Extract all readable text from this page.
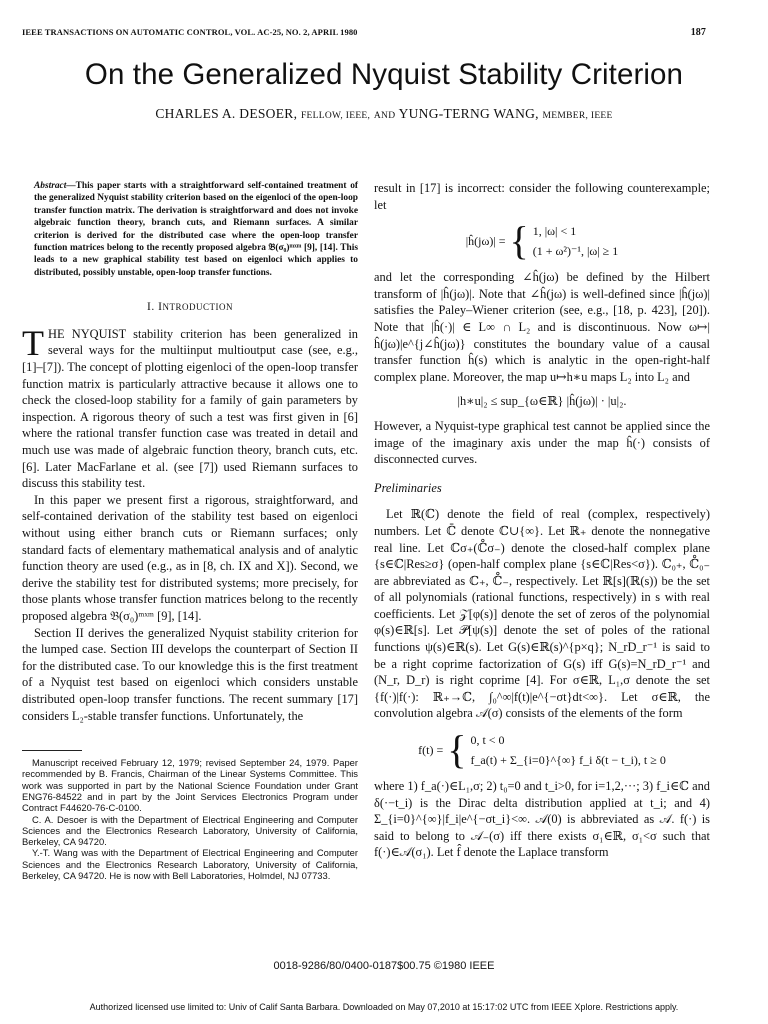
IEEE TRANSACTIONS ON AUTOMATIC CONTROL, VOL. AC-25, NO. 2, APRIL 1980	187
On the Generalized Nyquist Stability Criterion
CHARLES A. DESOER, FELLOW, IEEE, AND YUNG-TERNG WANG, MEMBER, IEEE
Abstract—This paper starts with a straightforward self-contained treatment of the generalized Nyquist stability criterion based on the eigenloci of the open-loop transfer function matrix. The derivation is straightforward and does not invoke algebraic function theory, branch cuts, and Riemann surfaces. A similar criterion is derived for the distributed case where the open-loop transfer function matrices belong to the recently proposed algebra 𝔅(σ₀)ᵐˣᵐ [9], [14]. This leads to a new graphical stability test based on eigenloci which applies to distributed, possibly unstable, open-loop transfer functions.
I. INTRODUCTION

THE NYQUIST stability criterion has been generalized in several ways for the multiinput multioutput case (see, e.g., [1]–[7]). The concept of plotting eigenloci of the open-loop transfer function matrix is particularly attractive because it allows one to check the closed-loop stability for a family of gain parameters by inspection. A rigorous theory of such a test was first given in [6] where the rational transfer function case was treated in detail and much use was made of algebraic function theory, branch cuts, etc. [6]. Later MacFarlane et al. (see [7]) used Riemann surfaces to discuss this stability test.

In this paper we present first a rigorous, straightforward, and self-contained derivation of the stability test based on eigenloci without using either branch cuts or Riemann surfaces; only standard facts of elementary mathematical analysis and of analytic function theory are used (e.g., as in [8, ch. IX and X]). Second, we derive the stability test for distributed systems; more precisely, for those plants whose transfer function matrices belong to the recently proposed algebra 𝔅(σ₀)ᵐˣᵐ [9], [14].

Section II derives the generalized Nyquist stability criterion for the lumped case. Section III develops the counterpart of Section II for the distributed case. To our knowledge this is the first treatment of a Nyquist test based on eigenloci which considers unstable distributed open-loop transfer functions. The recent summary [17] considers L₂-stable transfer functions. Unfortunately, the

Manuscript received February 12, 1979; revised September 24, 1979. Paper recommended by B. Francis, Chairman of the Linear Systems Committee. This work was supported in part by the National Science Foundation under Grant ENG76-84522 and in part by the Joint Services Electronics Program under Contract F44620-76-C-0100.

C. A. Desoer is with the Department of Electrical Engineering and Computer Sciences and the Electronics Research Laboratory, University of California, Berkeley, CA 94720.

Y.-T. Wang was with the Department of Electrical Engineering and Computer Sciences and the Electronics Research Laboratory, University of California, Berkeley, CA 94720. He is now with Bell Laboratories, Holmdel, NJ 07733.

result in [17] is incorrect: consider the following counterexample; let

|ĥ(jω)| = { 1, |ω| < 1
(1 + ω²)⁻¹, |ω| ≥ 1

and let the corresponding ∠ĥ(jω) be defined by the Hilbert transform of |ĥ(jω)|. Note that ∠ĥ(jω) is well-defined since |ĥ(jω)| satisfies the Paley–Wiener criterion (see, e.g., [18, p. 423], [20]). Note that |ĥ(·)| ∈ L∞ ∩ L₂ and is discontinuous. Now ω↦|ĥ(jω)|e^{j∠ĥ(jω)} constitutes the boundary value of a causal transfer function ĥ(s) which is analytic in the open-right-half complex plane. Moreover, the map u↦h∗u maps L₂ into L₂ and

|h∗u|₂ ≤ sup_{ω∈ℝ} |ĥ(jω)| · |u|₂.

However, a Nyquist-type graphical test cannot be applied since the image of the imaginary axis under the map ĥ(·) consists of disconnected curves.

Preliminaries

Let ℝ(ℂ) denote the field of real (complex, respectively) numbers. Let ℂ̄ denote ℂ∪{∞}. Let ℝ₊ denote the nonnegative real line. Let ℂσ₊(ℂ̊σ₋) denote the closed-half complex plane {s∈ℂ|Res≥σ} (open-half complex plane {s∈ℂ|Res<σ}). ℂ₀₊, ℂ̊₀₋ are abbreviated as ℂ₊, ℂ̊₋, respectively. Let ℝ[s](ℝ(s)) be the set of all polynomials (rational functions, respectively) in s with real coefficients. Let 𝒵[φ(s)] denote the set of zeros of the polynomial φ(s)∈ℝ[s]. Let 𝒫[ψ(s)] denote the set of poles of the rational functions ψ(s)∈ℝ(s). Let G(s)∈ℝ(s)^{p×q}; N_rD_r⁻¹ is said to be a right coprime factorization of G(s) iff G(s)=N_rD_r⁻¹ and (N_r, D_r) is right coprime [4]. For σ∈ℝ, L₁,σ denote the set {f(·)|f(·): ℝ₊→ℂ, ∫₀^∞|f(t)|e^{−σt}dt<∞}. Let σ∈ℝ, the convolution algebra 𝒜(σ) consists of the elements of the form

f(t) = { 0, t < 0
f_a(t) + Σ_{i=0}^{∞} f_i δ(t − t_i), t ≥ 0

where 1) f_a(·)∈L₁,σ; 2) t₀=0 and t_i>0, for i=1,2,···; 3) f_i∈ℂ and δ(·−t_i) is the Dirac delta distribution applied at t_i; and 4) Σ_{i=0}^{∞}|f_i|e^{−σt_i}<∞. 𝒜(0) is abbreviated as 𝒜. f(·) is said to belong to 𝒜₋(σ) iff there exists σ₁∈ℝ, σ₁<σ such that f(·)∈𝒜(σ₁). Let f̂ denote the Laplace transform

0018-9286/80/0400-0187$00.75 ©1980 IEEE
Authorized licensed use limited to: Univ of Calif Santa Barbara. Downloaded on May 07,2010 at 15:17:02 UTC from IEEE Xplore. Restrictions apply.
